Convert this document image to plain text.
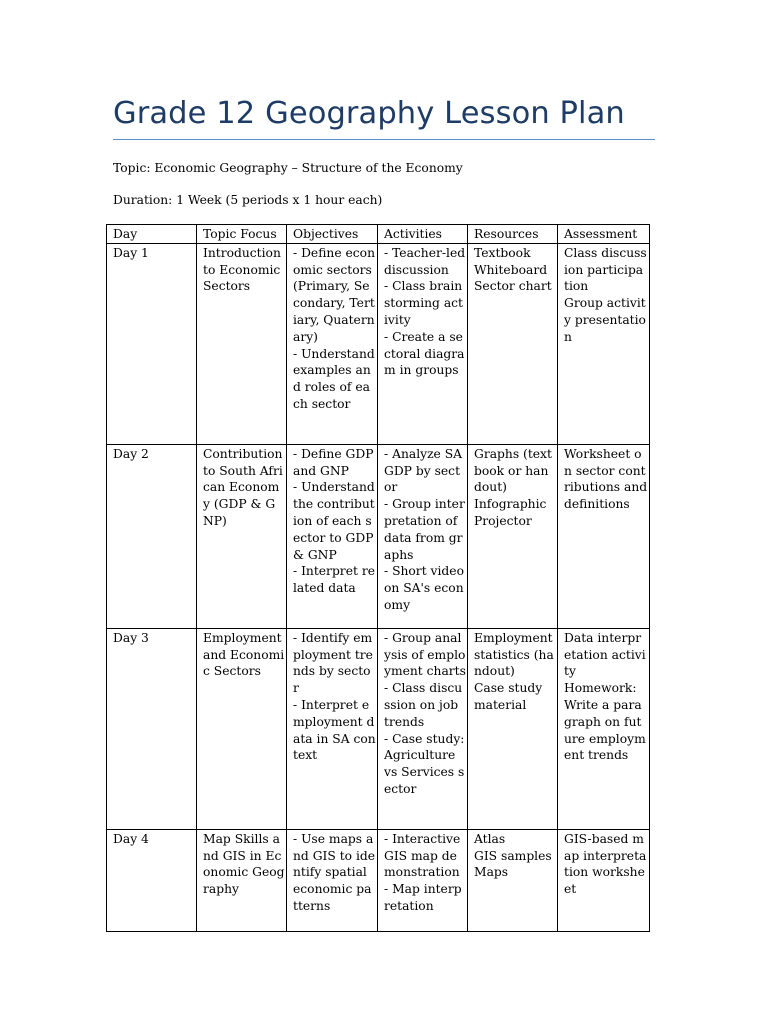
Grade 12 Geography Lesson Plan

Topic: Economic Geography – Structure of the Economy

Duration: 1 Week (5 periods x 1 hour each)

Day	Topic Focus	Objectives	Activities	Resources	Assessment
Day 1	Introduction to Economic Sectors	- Define economic sectors (Primary, Secondary, Tertiary, Quaternary)
- Understand examples and roles of each sector	- Teacher-led discussion
- Class brainstorming activity
- Create a sectoral diagram in groups	Textbook
Whiteboard
Sector chart	Class discussion participation
Group activity presentation
Day 2	Contribution to South African Economy (GDP & GNP)	- Define GDP and GNP
- Understand the contribution of each sector to GDP & GNP
- Interpret related data	- Analyze SA GDP by sector
- Group interpretation of data from graphs
- Short video on SA's economy	Graphs (textbook or handout)
Infographic
Projector	Worksheet on sector contributions and definitions
Day 3	Employment and Economic Sectors	- Identify employment trends by sector
- Interpret employment data in SA context	- Group analysis of employment charts
- Class discussion on job trends
- Case study: Agriculture vs Services sector	Employment statistics (handout)
Case study material	Data interpretation activity
Homework: Write a paragraph on future employment trends
Day 4	Map Skills and GIS in Economic Geography	- Use maps and GIS to identify spatial economic patterns	- Interactive GIS map demonstration
- Map interpretation	Atlas
GIS samples
Maps	GIS-based map interpretation worksheet
